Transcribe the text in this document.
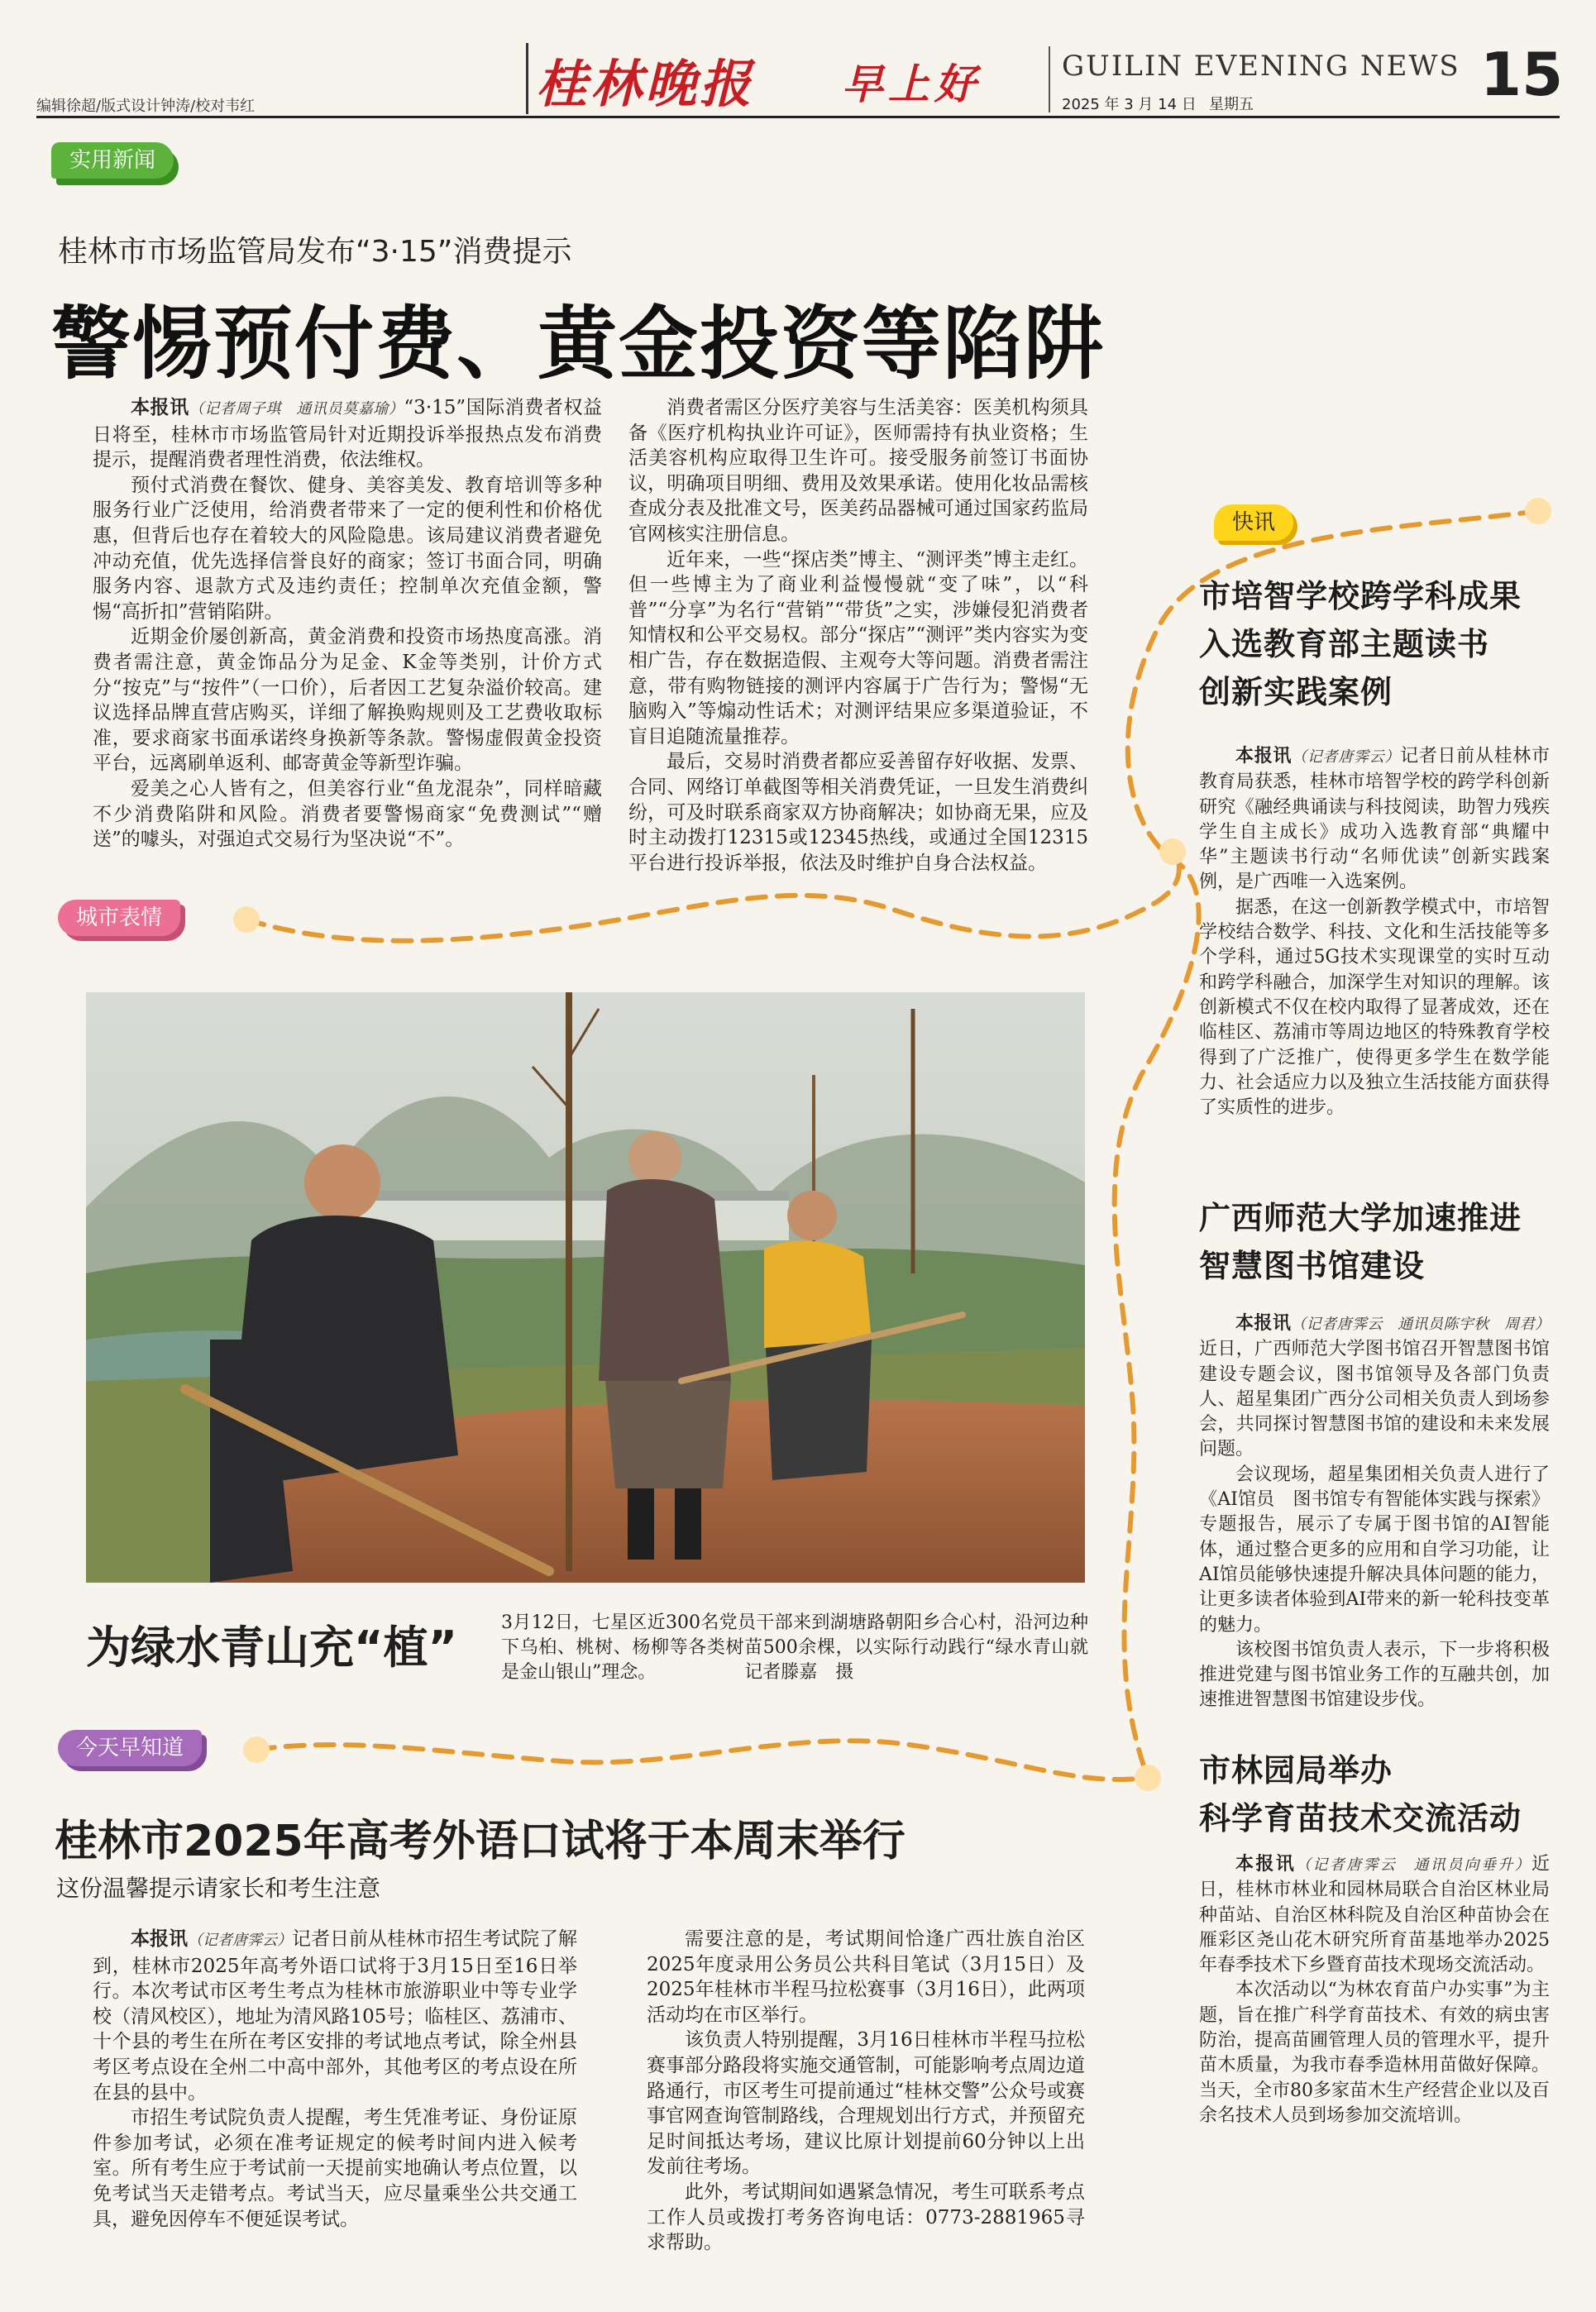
编辑徐超/版式设计钟涛/校对韦红	桂林晚报 早上好	GUILIN EVENING NEWS
2025 年 3 月 14 日 星期五	15
实用新闻
城市表情
今天早知道
快讯
桂林市市场监管局发布“3·15”消费提示
警惕预付费、黄金投资等陷阱

本报讯（记者周子琪　通讯员莫嘉瑜）“3·15”国际消费者权益日将至，桂林市市场监管局针对近期投诉举报热点发布消费提示，提醒消费者理性消费，依法维权。

预付式消费在餐饮、健身、美容美发、教育培训等多种服务行业广泛使用，给消费者带来了一定的便利性和价格优惠，但背后也存在着较大的风险隐患。该局建议消费者避免冲动充值，优先选择信誉良好的商家；签订书面合同，明确服务内容、退款方式及违约责任；控制单次充值金额，警惕“高折扣”营销陷阱。

近期金价屡创新高，黄金消费和投资市场热度高涨。消费者需注意，黄金饰品分为足金、K金等类别，计价方式分“按克”与“按件”（一口价），后者因工艺复杂溢价较高。建议选择品牌直营店购买，详细了解换购规则及工艺费收取标准，要求商家书面承诺终身换新等条款。警惕虚假黄金投资平台，远离刷单返利、邮寄黄金等新型诈骗。

爱美之心人皆有之，但美容行业“鱼龙混杂”，同样暗藏不少消费陷阱和风险。消费者要警惕商家“免费测试”“赠送”的噱头，对强迫式交易行为坚决说“不”。

消费者需区分医疗美容与生活美容：医美机构须具备《医疗机构执业许可证》，医师需持有执业资格；生活美容机构应取得卫生许可。接受服务前签订书面协议，明确项目明细、费用及效果承诺。使用化妆品需核查成分表及批准文号，医美药品器械可通过国家药监局官网核实注册信息。

近年来，一些“探店类”博主、“测评类”博主走红。但一些博主为了商业利益慢慢就“变了味”，以“科普”“分享”为名行“营销”“带货”之实，涉嫌侵犯消费者知情权和公平交易权。部分“探店”“测评”类内容实为变相广告，存在数据造假、主观夸大等问题。消费者需注意，带有购物链接的测评内容属于广告行为；警惕“无脑购入”等煽动性话术；对测评结果应多渠道验证，不盲目追随流量推荐。

最后，交易时消费者都应妥善留存好收据、发票、合同、网络订单截图等相关消费凭证，一旦发生消费纠纷，可及时联系商家双方协商解决；如协商无果，应及时主动拨打12315或12345热线，或通过全国12315平台进行投诉举报，依法及时维护自身合法权益。

为绿水青山充“植” 3月12日，七星区近300名党员干部来到湖塘路朝阳乡合心村，沿河边种下乌桕、桃树、杨柳等各类树苗500余棵，以实际行动践行“绿水青山就是金山银山”理念。	记者滕嘉　摄
桂林市2025年高考外语口试将于本周末举行
这份温馨提示请家长和考生注意

本报讯（记者唐霁云）记者日前从桂林市招生考试院了解到，桂林市2025年高考外语口试将于3月15日至16日举行。本次考试市区考生考点为桂林市旅游职业中等专业学校（清风校区），地址为清风路105号；临桂区、荔浦市、十个县的考生在所在考区安排的考试地点考试，除全州县考区考点设在全州二中高中部外，其他考区的考点设在所在县的县中。

市招生考试院负责人提醒，考生凭准考证、身份证原件参加考试，必须在准考证规定的候考时间内进入候考室。所有考生应于考试前一天提前实地确认考点位置，以免考试当天走错考点。考试当天，应尽量乘坐公共交通工具，避免因停车不便延误考试。

需要注意的是，考试期间恰逢广西壮族自治区2025年度录用公务员公共科目笔试（3月15日）及2025年桂林市半程马拉松赛事（3月16日），此两项活动均在市区举行。

该负责人特别提醒，3月16日桂林市半程马拉松赛事部分路段将实施交通管制，可能影响考点周边道路通行，市区考生可提前通过“桂林交警”公众号或赛事官网查询管制路线，合理规划出行方式，并预留充足时间抵达考场，建议比原计划提前60分钟以上出发前往考场。

此外，考试期间如遇紧急情况，考生可联系考点工作人员或拨打考务咨询电话：0773-2881965寻求帮助。

市培智学校跨学科成果
入选教育部主题读书
创新实践案例

本报讯（记者唐霁云）记者日前从桂林市教育局获悉，桂林市培智学校的跨学科创新研究《融经典诵读与科技阅读，助智力残疾学生自主成长》成功入选教育部“典耀中华”主题读书行动“名师优读”创新实践案例，是广西唯一入选案例。

据悉，在这一创新教学模式中，市培智学校结合数学、科技、文化和生活技能等多个学科，通过5G技术实现课堂的实时互动和跨学科融合，加深学生对知识的理解。该创新模式不仅在校内取得了显著成效，还在临桂区、荔浦市等周边地区的特殊教育学校得到了广泛推广，使得更多学生在数学能力、社会适应力以及独立生活技能方面获得了实质性的进步。

广西师范大学加速推进
智慧图书馆建设

本报讯（记者唐霁云　通讯员陈宇秋　周君）近日，广西师范大学图书馆召开智慧图书馆建设专题会议，图书馆领导及各部门负责人、超星集团广西分公司相关负责人到场参会，共同探讨智慧图书馆的建设和未来发展问题。

会议现场，超星集团相关负责人进行了《AI馆员　图书馆专有智能体实践与探索》专题报告，展示了专属于图书馆的AI智能体，通过整合更多的应用和自学习功能，让AI馆员能够快速提升解决具体问题的能力，让更多读者体验到AI带来的新一轮科技变革的魅力。

该校图书馆负责人表示，下一步将积极推进党建与图书馆业务工作的互融共创，加速推进智慧图书馆建设步伐。

市林园局举办
科学育苗技术交流活动

本报讯（记者唐霁云　通讯员向垂升）近日，桂林市林业和园林局联合自治区林业局种苗站、自治区林科院及自治区种苗协会在雁彩区尧山花木研究所育苗基地举办2025年春季技术下乡暨育苗技术现场交流活动。

本次活动以“为林农育苗户办实事”为主题，旨在推广科学育苗技术、有效的病虫害防治，提高苗圃管理人员的管理水平，提升苗木质量，为我市春季造林用苗做好保障。当天，全市80多家苗木生产经营企业以及百余名技术人员到场参加交流培训。
